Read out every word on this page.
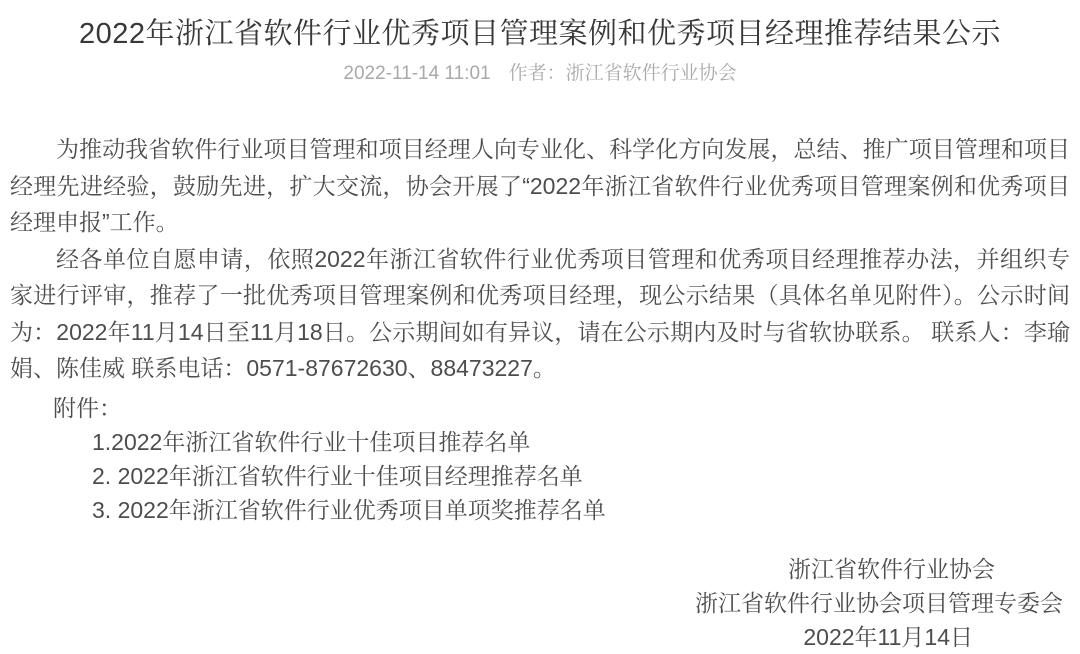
2022年浙江省软件行业优秀项目管理案例和优秀项目经理推荐结果公示
2022-11-14 11:01 作者：浙江省软件行业协会

为推动我省软件行业项目管理和项目经理人向专业化、科学化方向发展，总结、推广项目管理和项目经理先进经验，鼓励先进，扩大交流，协会开展了“2022年浙江省软件行业优秀项目管理案例和优秀项目经理申报”工作。

经各单位自愿申请，依照2022年浙江省软件行业优秀项目管理和优秀项目经理推荐办法，并组织专家进行评审，推荐了一批优秀项目管理案例和优秀项目经理，现公示结果（具体名单见附件）。公示时间为：2022年11月14日至11月18日。公示期间如有异议，请在公示期内及时与省软协联系。 联系人：李瑜娟、陈佳威 联系电话：0571-87672630、88473227。

附件：
1.2022年浙江省软件行业十佳项目推荐名单
2. 2022年浙江省软件行业十佳项目经理推荐名单
3. 2022年浙江省软件行业优秀项目单项奖推荐名单
浙江省软件行业协会
浙江省软件行业协会项目管理专委会
2022年11月14日
